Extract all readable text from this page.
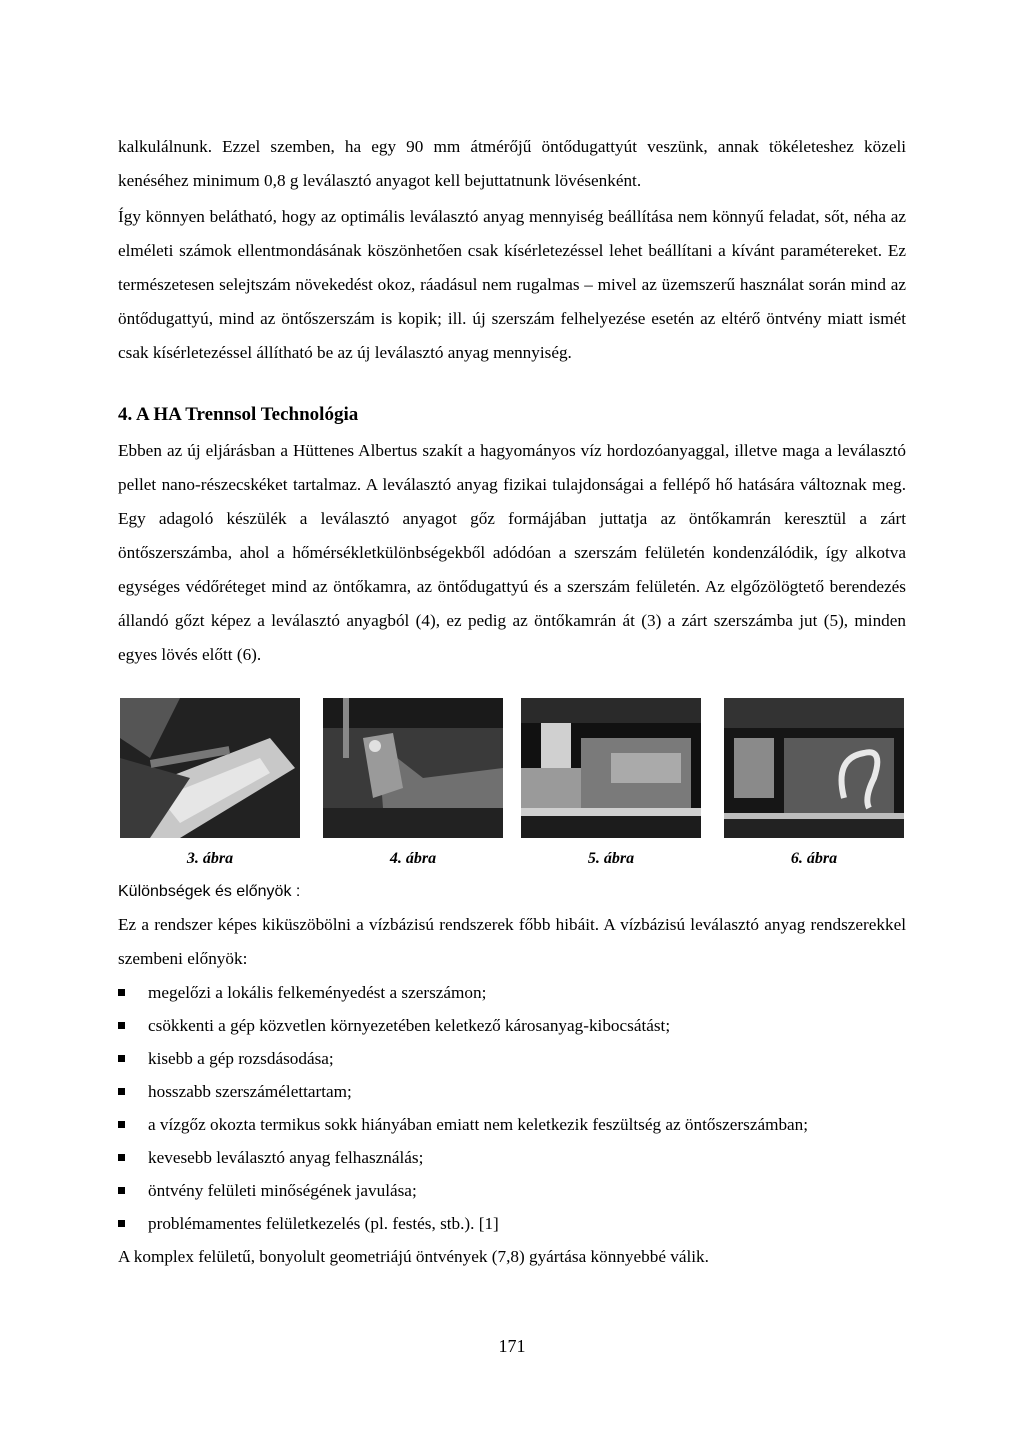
kalkulálnunk. Ezzel szemben, ha egy 90 mm átmérőjű öntődugattyút veszünk, annak tökéleteshez közeli kenéséhez minimum 0,8 g leválasztó anyagot kell bejuttatnunk lövésenként.

Így könnyen belátható, hogy az optimális leválasztó anyag mennyiség beállítása nem könnyű feladat, sőt, néha az elméleti számok ellentmondásának köszönhetően csak kísérletezéssel lehet beállítani a kívánt paramétereket. Ez természetesen selejtszám növekedést okoz, ráadásul nem rugalmas – mivel az üzemszerű használat során mind az öntődugattyú, mind az öntőszerszám is kopik; ill. új szerszám felhelyezése esetén az eltérő öntvény miatt ismét csak kísérletezéssel állítható be az új leválasztó anyag mennyiség.

4. A HA Trennsol Technológia

Ebben az új eljárásban a Hüttenes Albertus szakít a hagyományos víz hordozóanyaggal, illetve maga a leválasztó pellet nano-részecskéket tartalmaz. A leválasztó anyag fizikai tulajdonságai a fellépő hő hatására változnak meg. Egy adagoló készülék a leválasztó anyagot gőz formájában juttatja az öntőkamrán keresztül a zárt öntőszerszámba, ahol a hőmérsékletkülönbségekből adódóan a szerszám felületén kondenzálódik, így alkotva egységes védőréteget mind az öntőkamra, az öntődugattyú és a szerszám felületén. Az elgőzölögtető berendezés állandó gőzt képez a leválasztó anyagból (4), ez pedig az öntőkamrán át (3) a zárt szerszámba jut (5), minden egyes lövés előtt (6).

3. ábra	4. ábra	5. ábra	6. ábra

Különbségek és előnyök :

Ez a rendszer képes kiküszöbölni a vízbázisú rendszerek főbb hibáit. A vízbázisú leválasztó anyag rendszerekkel szembeni előnyök:

megelőzi a lokális felkeményedést a szerszámon;
csökkenti a gép közvetlen környezetében keletkező károsanyag-kibocsátást;
kisebb a gép rozsdásodása;
hosszabb szerszámélettartam;
a vízgőz okozta termikus sokk hiányában emiatt nem keletkezik feszültség az öntőszerszámban;
kevesebb leválasztó anyag felhasználás;
öntvény felületi minőségének javulása;
problémamentes felületkezelés (pl. festés, stb.). [1]

A komplex felületű, bonyolult geometriájú öntvények (7,8) gyártása könnyebbé válik.

171
